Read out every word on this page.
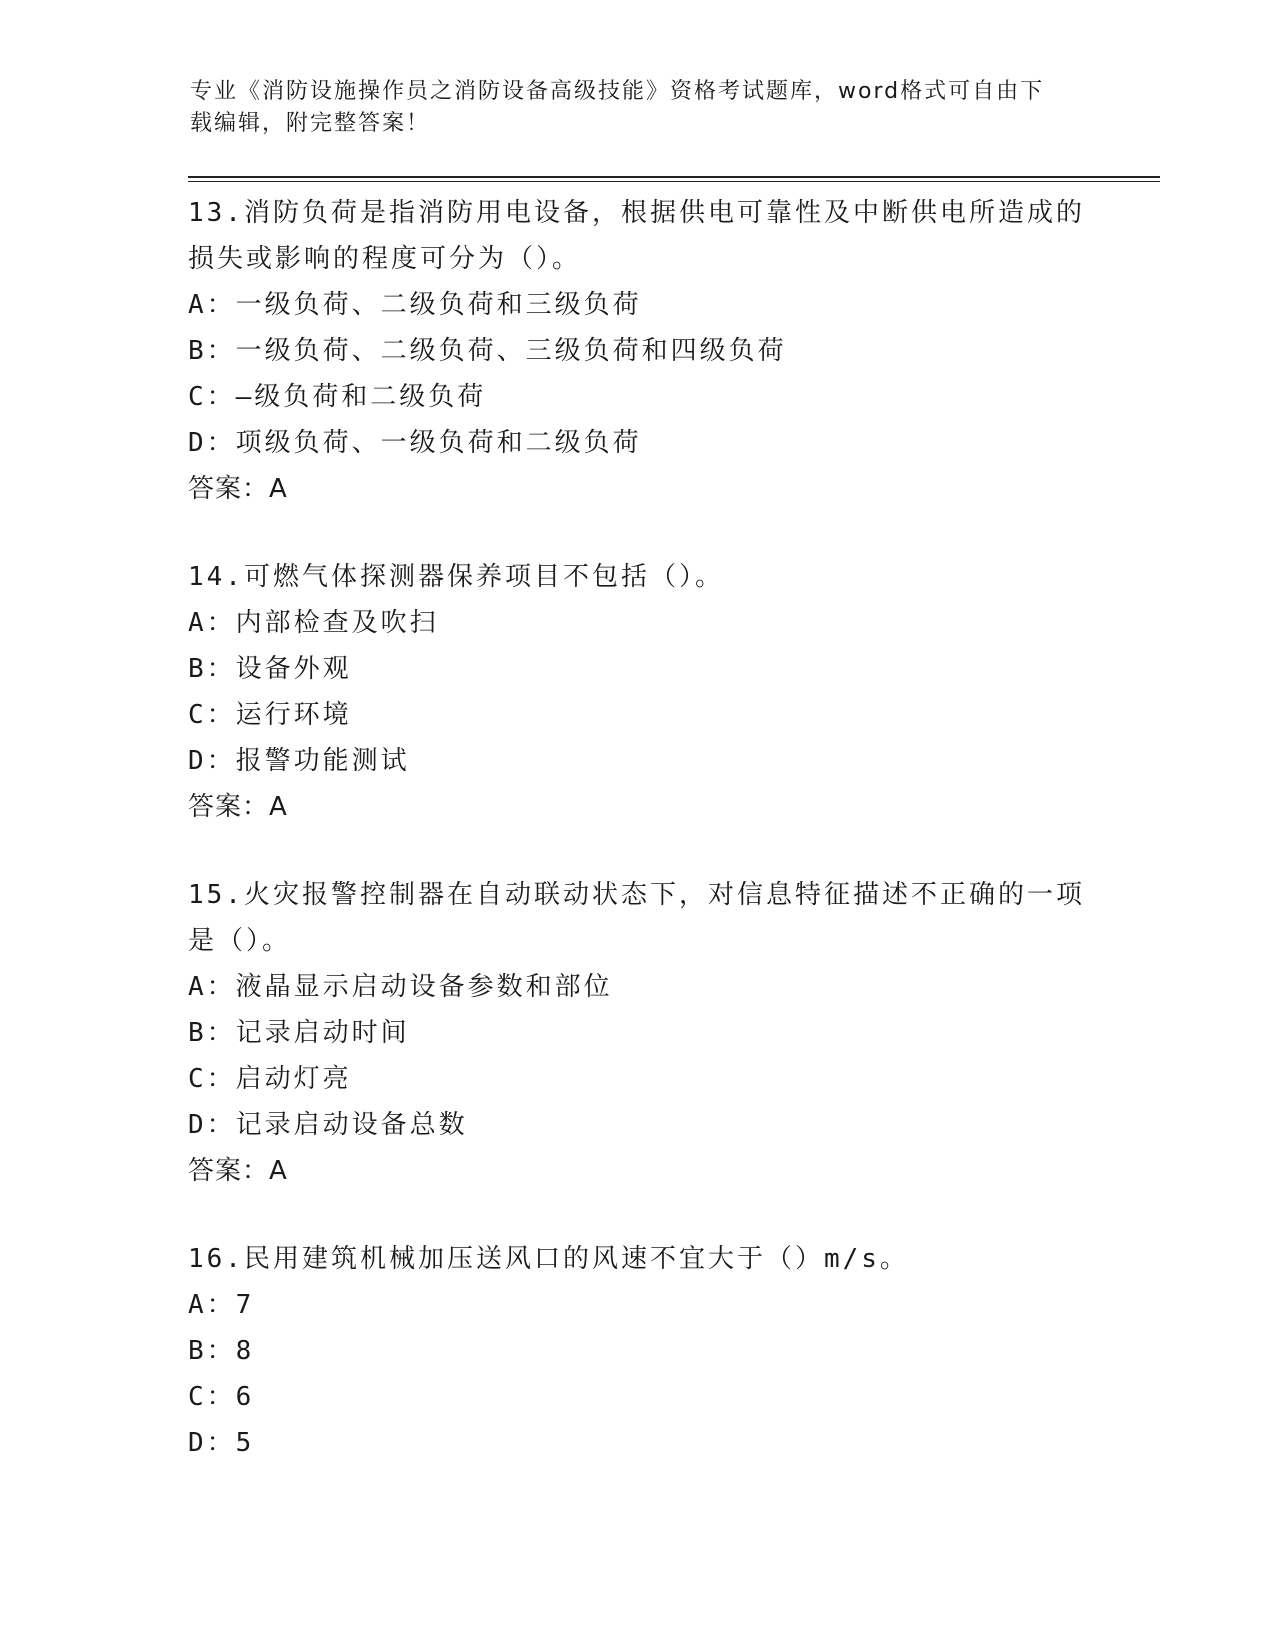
专业《消防设施操作员之消防设备高级技能》资格考试题库，word格式可自由下
载编辑，附完整答案！
13.消防负荷是指消防用电设备，根据供电可靠性及中断供电所造成的
损失或影响的程度可分为（）。
A：一级负荷、二级负荷和三级负荷
B：一级负荷、二级负荷、三级负荷和四级负荷
C：—级负荷和二级负荷
D：项级负荷、一级负荷和二级负荷
答案：A
14.可燃气体探测器保养项目不包括（）。
A：内部检查及吹扫
B：设备外观
C：运行环境
D：报警功能测试
答案：A
15.火灾报警控制器在自动联动状态下，对信息特征描述不正确的一项
是（）。
A：液晶显示启动设备参数和部位
B：记录启动时间
C：启动灯亮
D：记录启动设备总数
答案：A
16.民用建筑机械加压送风口的风速不宜大于（）m/s。
A：7
B：8
C：6
D：5
